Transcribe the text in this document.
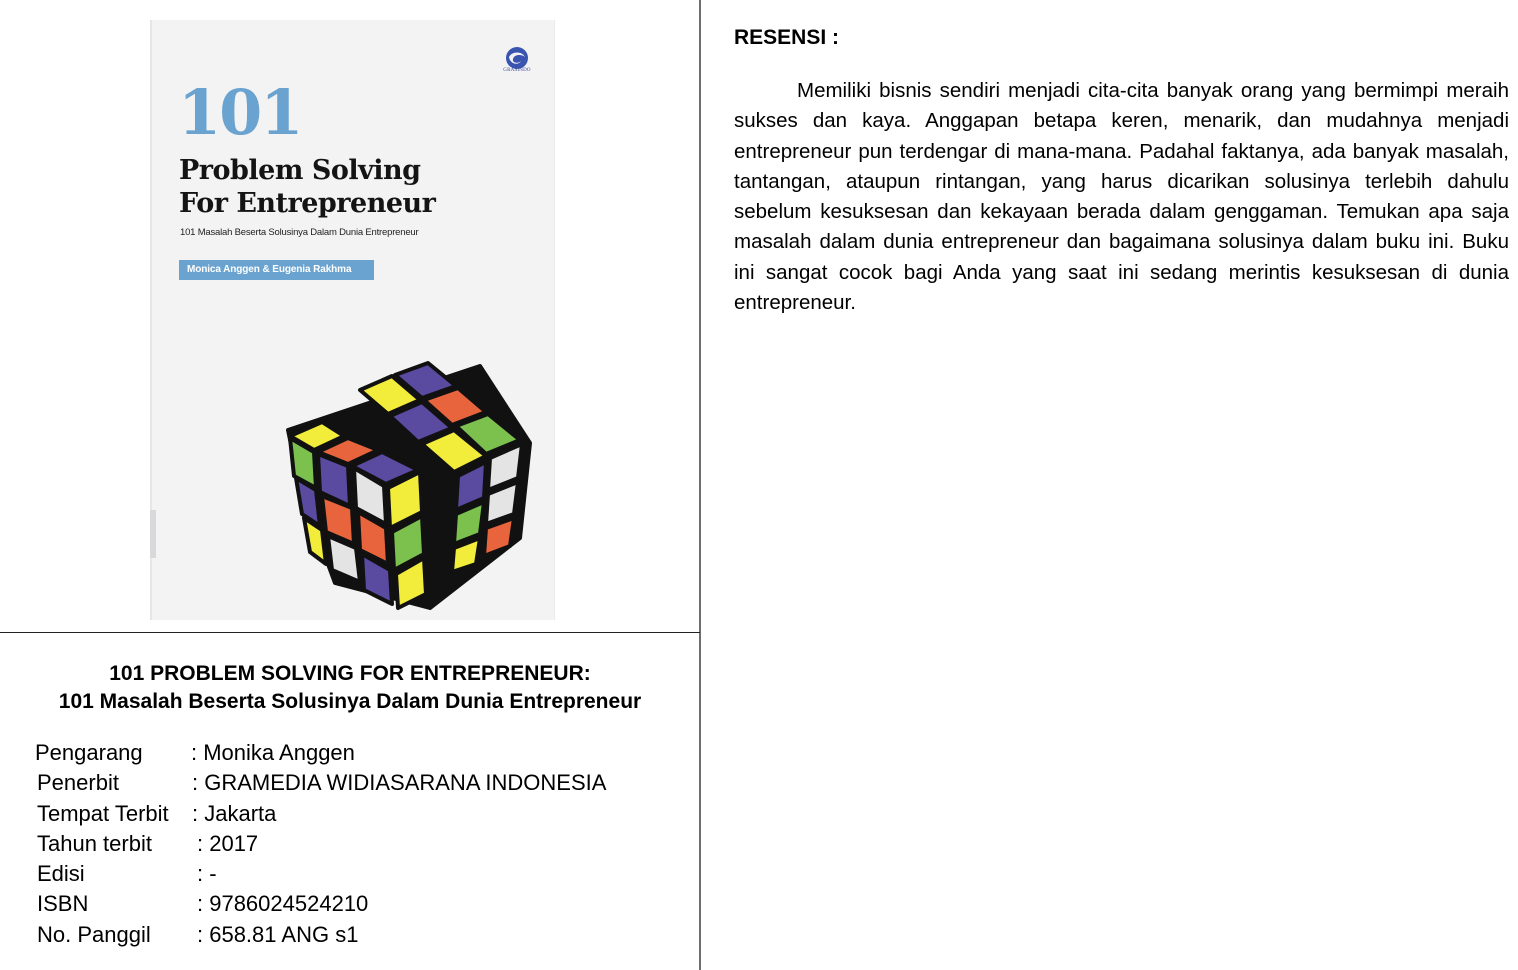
GRASINDO
101
Problem Solving
For Entrepreneur
101 Masalah Beserta Solusinya Dalam Dunia Entrepreneur
Monica Anggen & Eugenia Rakhma
101 PROBLEM SOLVING FOR ENTREPRENEUR:
101 Masalah Beserta Solusinya Dalam Dunia Entrepreneur
Pengarang : Monika Anggen
Penerbit	: GRAMEDIA WIDIASARANA INDONESIA
Tempat Terbit : Jakarta
Tahun terbit : 2017
Edisi	: -
ISBN	: 9786024524210
No. Panggil : 658.81 ANG s1
RESENSI :

Memiliki bisnis sendiri menjadi cita-cita banyak orang yang bermimpi meraih sukses dan kaya. Anggapan betapa keren, menarik, dan mudahnya menjadi entrepreneur pun terdengar di mana-mana. Padahal faktanya, ada banyak masalah, tantangan, ataupun rintangan, yang harus dicarikan solusinya terlebih dahulu sebelum kesuksesan dan kekayaan berada dalam genggaman. Temukan apa saja masalah dalam dunia entrepreneur dan bagaimana solusinya dalam buku ini. Buku ini sangat cocok bagi Anda yang saat ini sedang merintis kesuksesan di dunia entrepreneur.
